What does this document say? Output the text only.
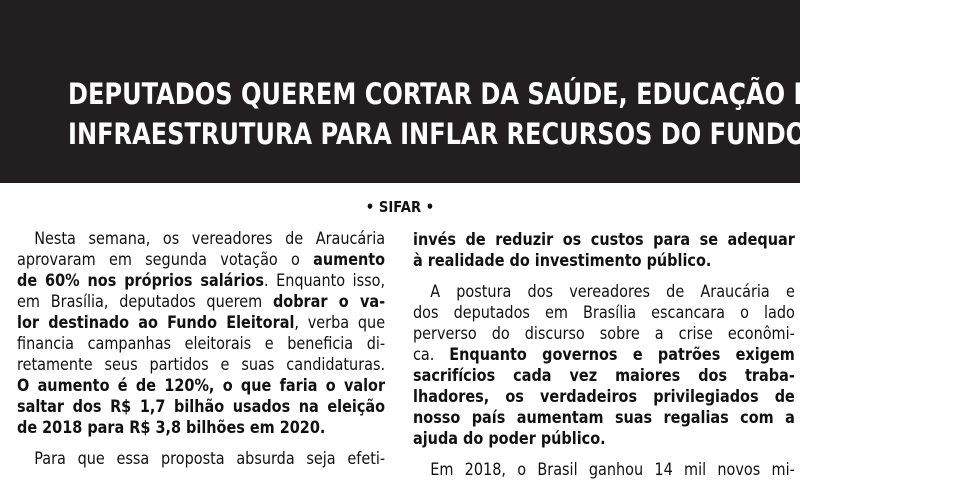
DEPUTADOS QUEREM CORTAR DA SAÚDE, EDUCAÇÃO E
INFRAESTRUTURA PARA INFLAR RECURSOS DO FUNDO PARTIDÁRIO
• SIFAR •
Nesta semana, os vereadores de Araucária
aprovaram em segunda votação o aumento
de 60% nos próprios salários. Enquanto isso,
em Brasília, deputados querem dobrar o va-
lor destinado ao Fundo Eleitoral, verba que
financia campanhas eleitorais e beneficia di-
retamente seus partidos e suas candidaturas.
O aumento é de 120%, o que faria o valor
saltar dos R$ 1,7 bilhão usados na eleição
de 2018 para R$ 3,8 bilhões em 2020.
Para que essa proposta absurda seja efeti-
invés de reduzir os custos para se adequar
à realidade do investimento público.
A postura dos vereadores de Araucária e
dos deputados em Brasília escancara o lado
perverso do discurso sobre a crise econômi-
ca. Enquanto governos e patrões exigem
sacrifícios cada vez maiores dos traba-
lhadores, os verdadeiros privilegiados de
nosso país aumentam suas regalias com a
ajuda do poder público.
Em 2018, o Brasil ganhou 14 mil novos mi-
